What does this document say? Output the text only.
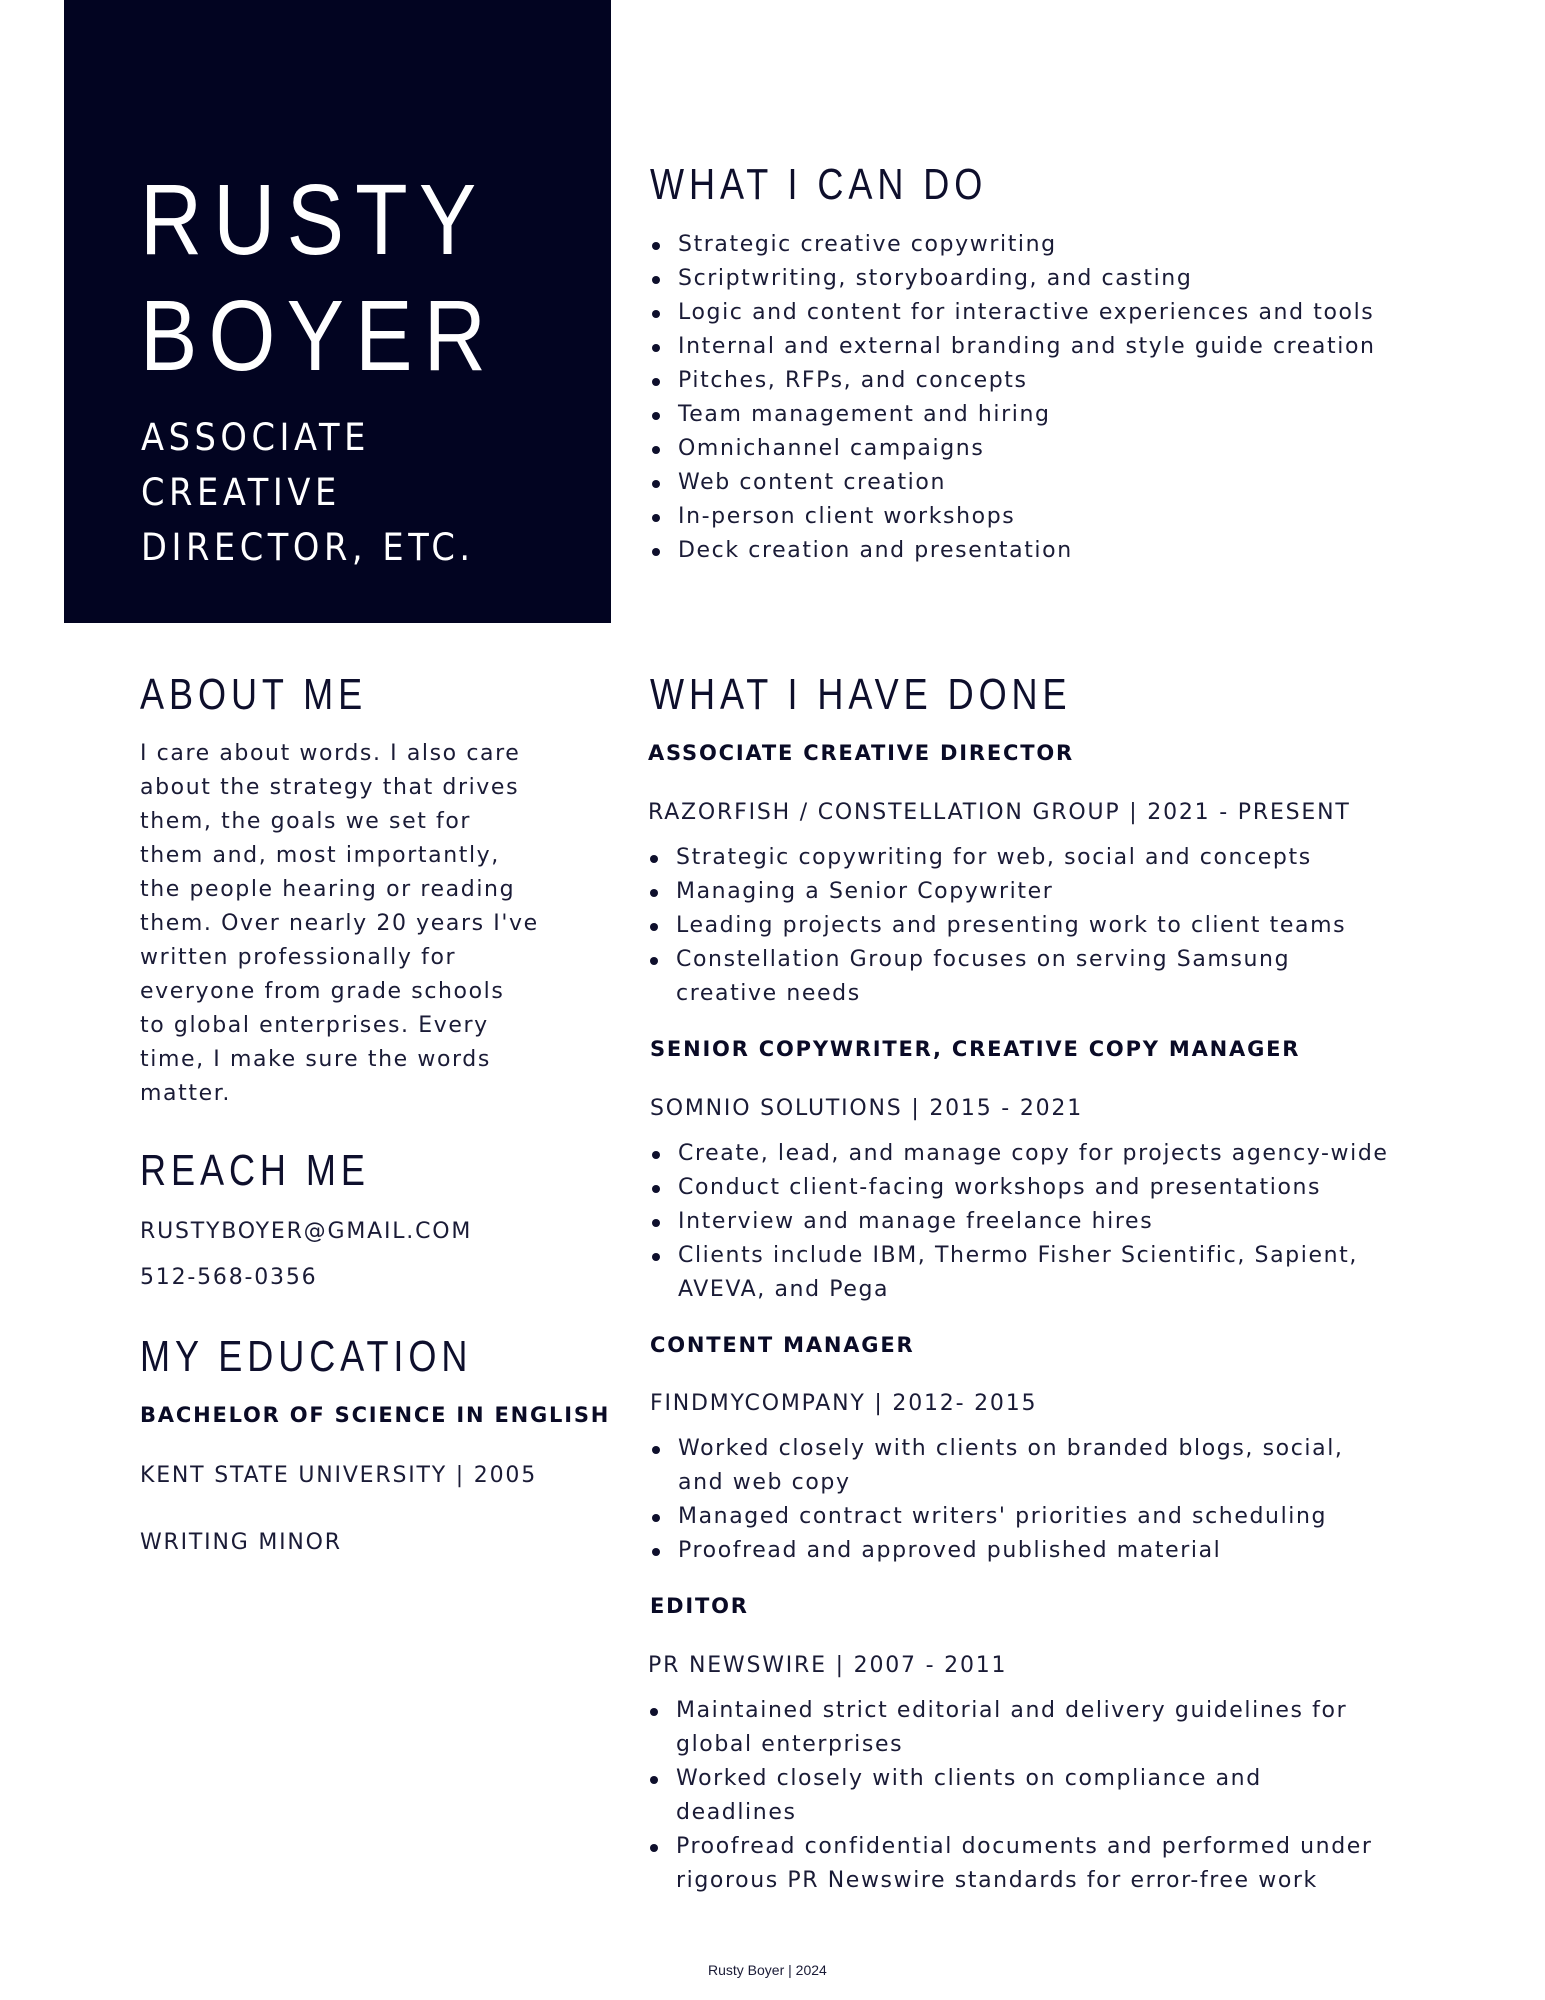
RUSTY
BOYER
ASSOCIATE
CREATIVE
DIRECTOR, ETC.
WHAT I CAN DO
Strategic creative copywriting
Scriptwriting, storyboarding, and casting
Logic and content for interactive experiences and tools
Internal and external branding and style guide creation
Pitches, RFPs, and concepts
Team management and hiring
Omnichannel campaigns
Web content creation
In-person client workshops
Deck creation and presentation
ABOUT ME
I care about words. I also care
about the strategy that drives
them, the goals we set for
them and, most importantly,
the people hearing or reading
them. Over nearly 20 years I've
written professionally for
everyone from grade schools
to global enterprises. Every
time, I make sure the words
matter.
REACH ME

RUSTYBOYER@GMAIL.COM

512-568-0356

MY EDUCATION

BACHELOR OF SCIENCE IN ENGLISH

KENT STATE UNIVERSITY | 2005

WRITING MINOR

WHAT I HAVE DONE

ASSOCIATE CREATIVE DIRECTOR

RAZORFISH / CONSTELLATION GROUP | 2021 - PRESENT

Strategic copywriting for web, social and concepts
Managing a Senior Copywriter
Leading projects and presenting work to client teams
Constellation Group focuses on serving Samsung
creative needs

SENIOR COPYWRITER, CREATIVE COPY MANAGER

SOMNIO SOLUTIONS | 2015 - 2021

Create, lead, and manage copy for projects agency-wide
Conduct client-facing workshops and presentations
Interview and manage freelance hires
Clients include IBM, Thermo Fisher Scientific, Sapient,
AVEVA, and Pega

CONTENT MANAGER

FINDMYCOMPANY | 2012- 2015

Worked closely with clients on branded blogs, social,
and web copy
Managed contract writers' priorities and scheduling
Proofread and approved published material

EDITOR

PR NEWSWIRE | 2007 - 2011

Maintained strict editorial and delivery guidelines for
global enterprises
Worked closely with clients on compliance and
deadlines
Proofread confidential documents and performed under
rigorous PR Newswire standards for error-free work

Rusty Boyer | 2024
